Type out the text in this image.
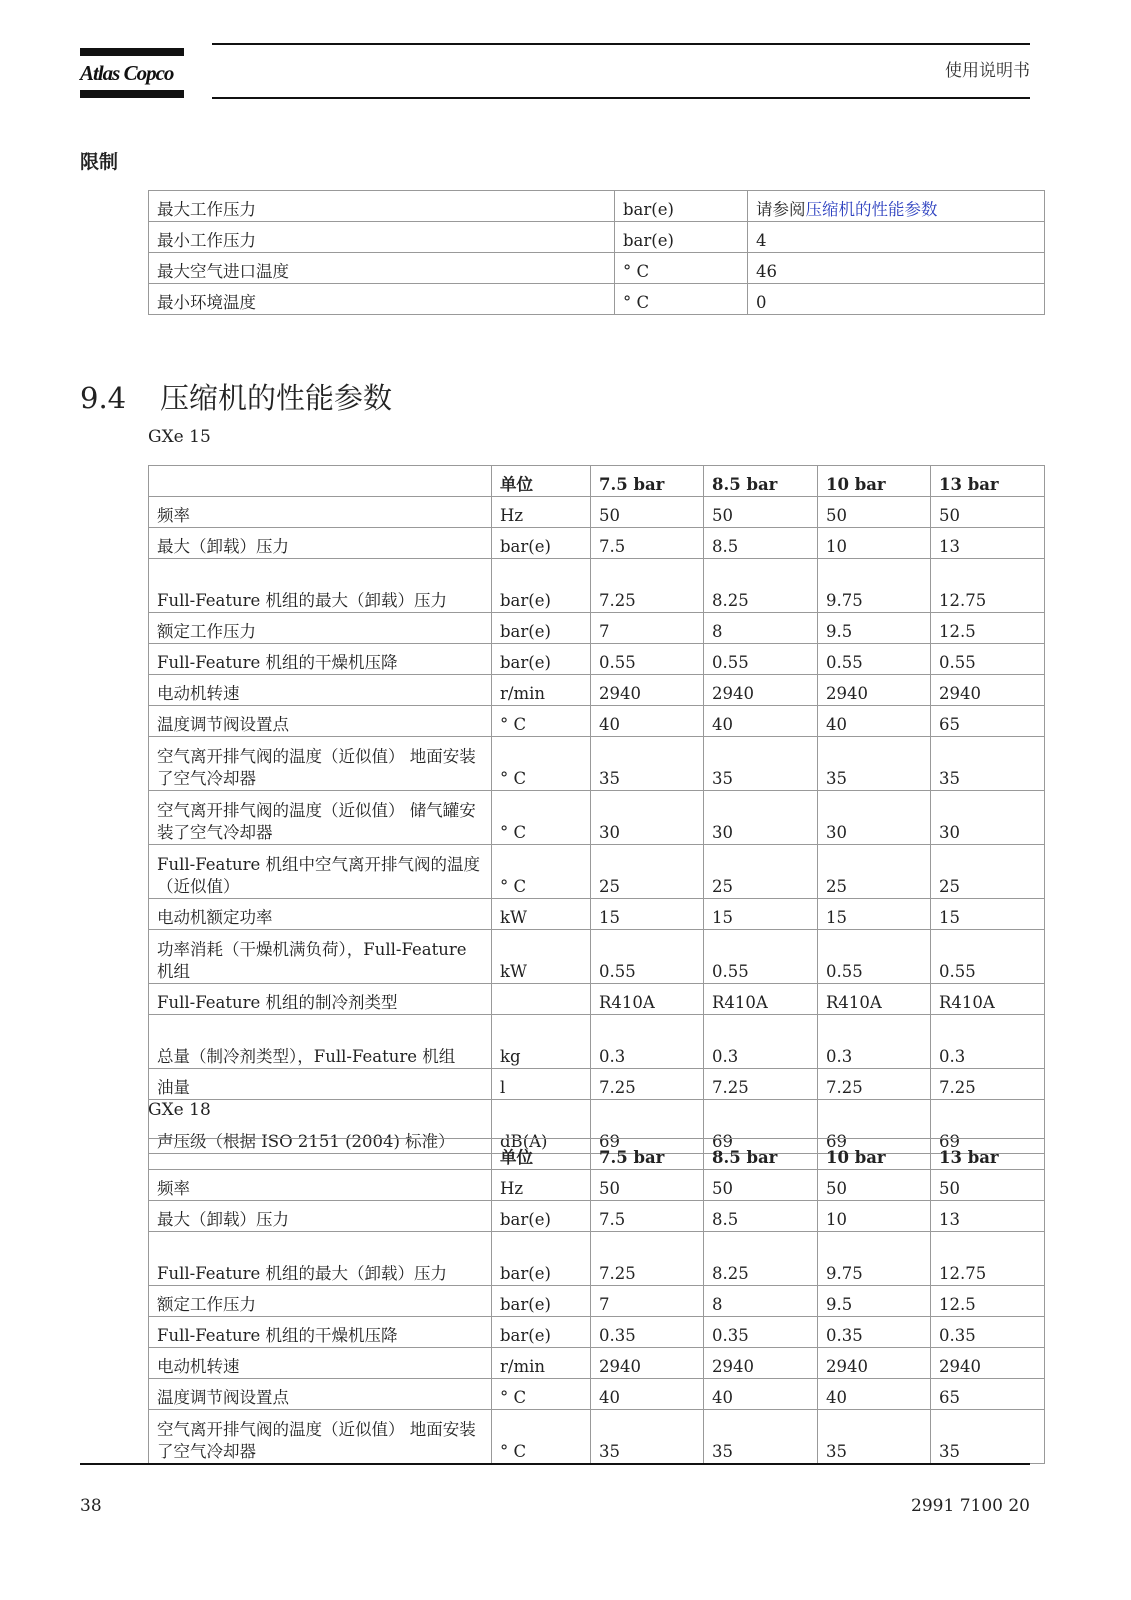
Atlas Copco	使用说明书
限制
最大工作压力	bar(e)	请参阅压缩机的性能参数
最小工作压力	bar(e)	4
最大空气进口温度	° C	46
最小环境温度	° C	0
9.4 压缩机的性能参数
GXe 15
	单位	7.5 bar	8.5 bar	10 bar	13 bar
频率	Hz	50	50	50	50
最大（卸载）压力	bar(e)	7.5	8.5	10	13
Full-Feature 机组的最大（卸载）压力	bar(e)	7.25	8.25	9.75	12.75
额定工作压力	bar(e)	7	8	9.5	12.5
Full-Feature 机组的干燥机压降	bar(e)	0.55	0.55	0.55	0.55
电动机转速	r/min	2940	2940	2940	2940
温度调节阀设置点	° C	40	40	40	65
空气离开排气阀的温度（近似值） 地面安装了空气冷却器	° C	35	35	35	35
空气离开排气阀的温度（近似值） 储气罐安装了空气冷却器	° C	30	30	30	30
Full-Feature 机组中空气离开排气阀的温度（近似值）	° C	25	25	25	25
电动机额定功率	kW	15	15	15	15
功率消耗（干燥机满负荷），Full-Feature 机组	kW	0.55	0.55	0.55	0.55
Full-Feature 机组的制冷剂类型		R410A	R410A	R410A	R410A
总量（制冷剂类型），Full-Feature 机组	kg	0.3	0.3	0.3	0.3
油量	l	7.25	7.25	7.25	7.25
声压级（根据 ISO 2151 (2004) 标准）	dB(A)	69	69	69	69
GXe 18
	单位	7.5 bar	8.5 bar	10 bar	13 bar
频率	Hz	50	50	50	50
最大（卸载）压力	bar(e)	7.5	8.5	10	13
Full-Feature 机组的最大（卸载）压力	bar(e)	7.25	8.25	9.75	12.75
额定工作压力	bar(e)	7	8	9.5	12.5
Full-Feature 机组的干燥机压降	bar(e)	0.35	0.35	0.35	0.35
电动机转速	r/min	2940	2940	2940	2940
温度调节阀设置点	° C	40	40	40	65
空气离开排气阀的温度（近似值） 地面安装了空气冷却器	° C	35	35	35	35
38	2991 7100 20
